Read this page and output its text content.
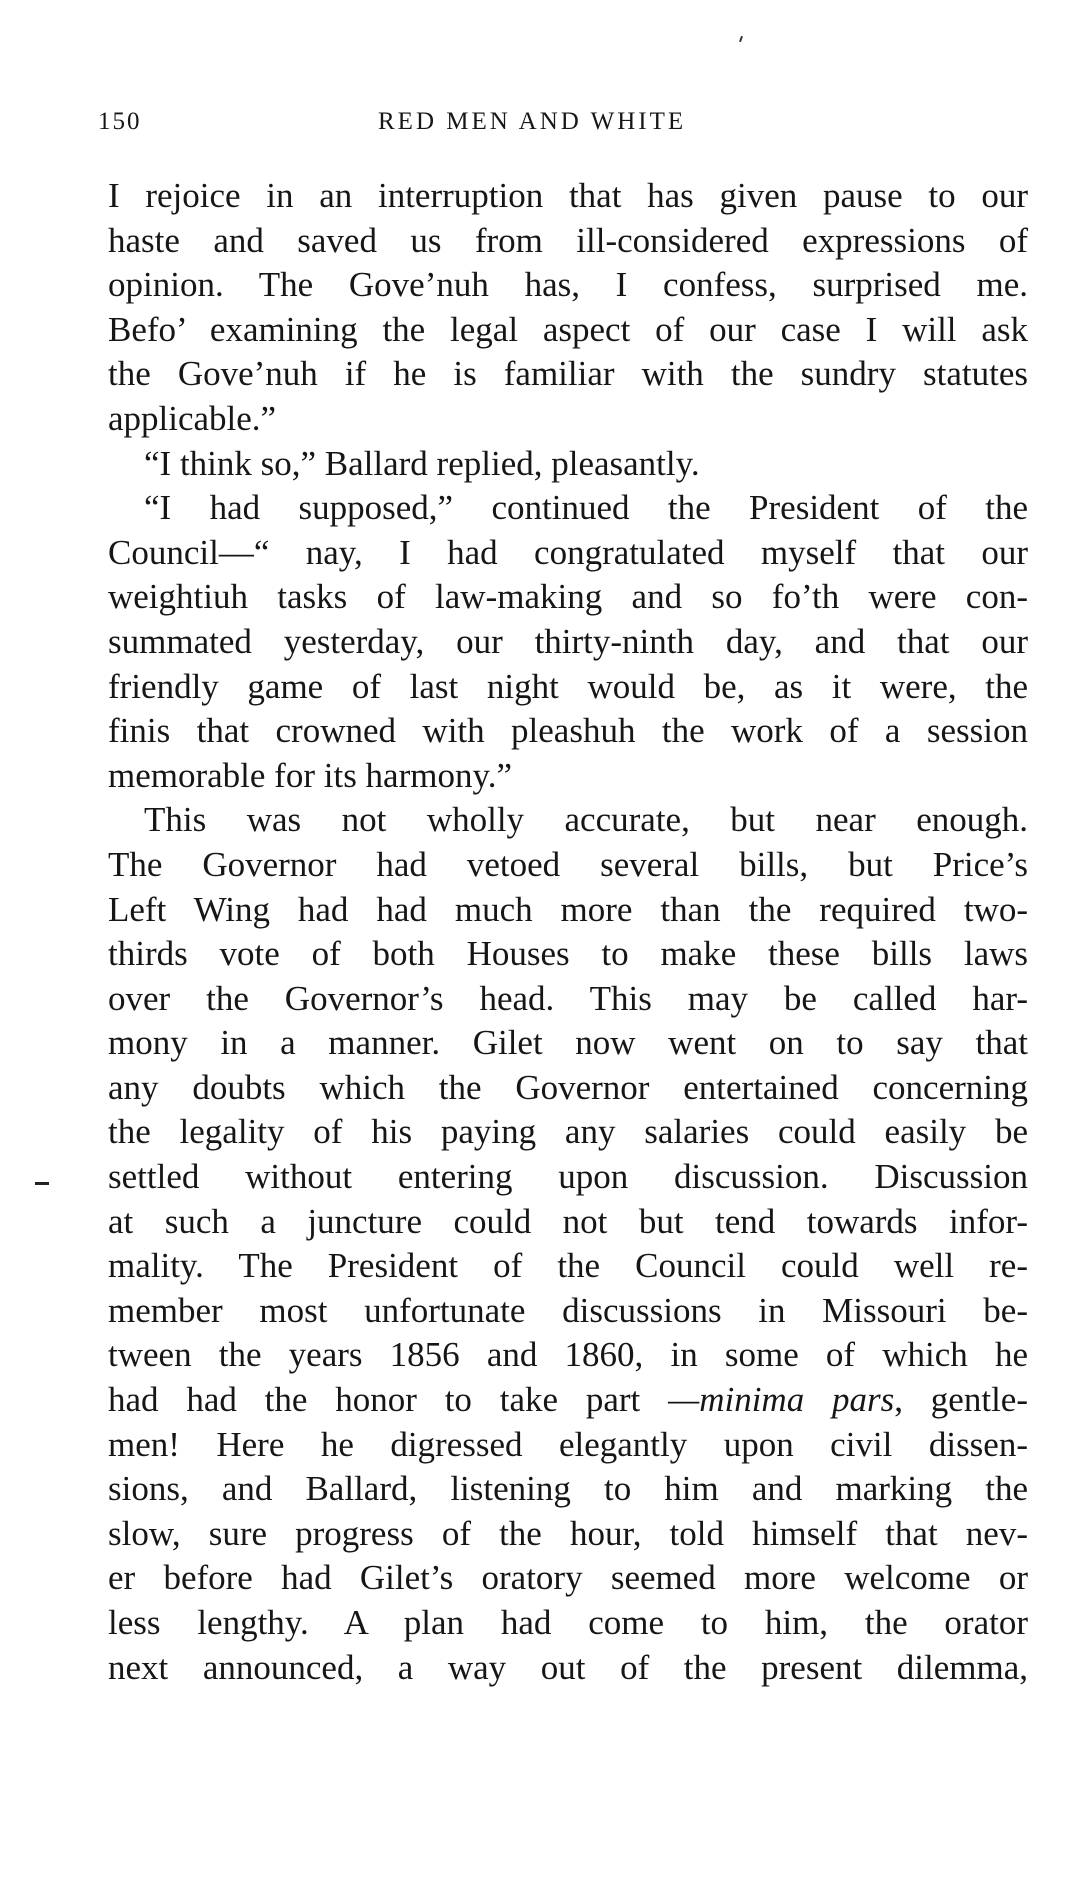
150	RED MEN AND WHITE
I rejoice in an interruption that has given pause to our
haste and saved us from ill-considered expressions of
opinion. The Gove’nuh has, I confess, surprised me.
Befo’ examining the legal aspect of our case I will ask
the Gove’nuh if he is familiar with the sundry statutes
applicable.”
“I think so,” Ballard replied, pleasantly.
“I had supposed,” continued the President of the
Council—“ nay, I had congratulated myself that our
weightiuh tasks of law-making and so fo’th were con-
summated yesterday, our thirty-ninth day, and that our
friendly game of last night would be, as it were, the
finis that crowned with pleashuh the work of a session
memorable for its harmony.”
This was not wholly accurate, but near enough.
The Governor had vetoed several bills, but Price’s
Left Wing had had much more than the required two-
thirds vote of both Houses to make these bills laws
over the Governor’s head. This may be called har-
mony in a manner. Gilet now went on to say that
any doubts which the Governor entertained concerning
the legality of his paying any salaries could easily be
settled without entering upon discussion. Discussion
at such a juncture could not but tend towards infor-
mality. The President of the Council could well re-
member most unfortunate discussions in Missouri be-
tween the years 1856 and 1860, in some of which he
had had the honor to take part —minima pars, gentle-
men! Here he digressed elegantly upon civil dissen-
sions, and Ballard, listening to him and marking the
slow, sure progress of the hour, told himself that nev-
er before had Gilet’s oratory seemed more welcome or
less lengthy. A plan had come to him, the orator
next announced, a way out of the present dilemma,
